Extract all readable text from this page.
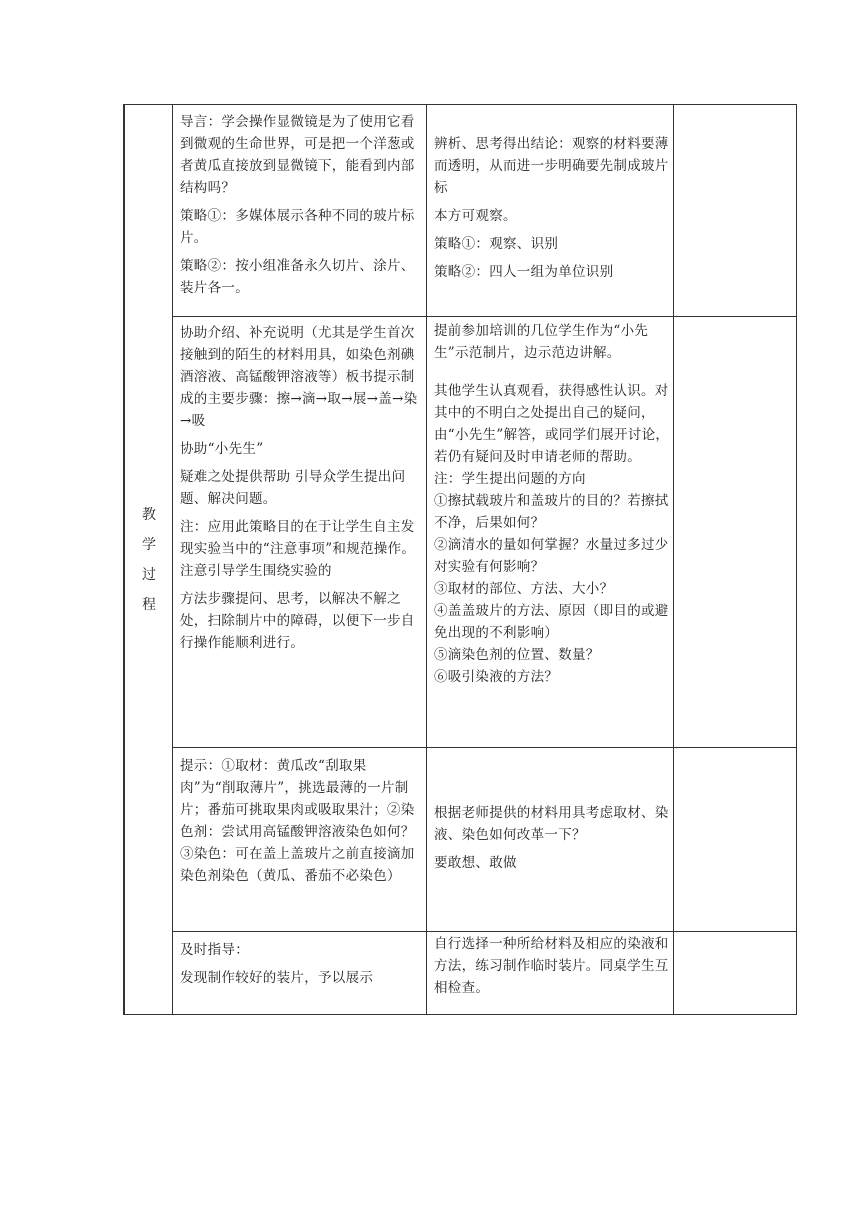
教
学
过
程

导言：学会操作显微镜是为了使用它看到微观的生命世界，可是把一个洋葱或者黄瓜直接放到显微镜下，能看到内部结构吗？

策略①：多媒体展示各种不同的玻片标片。

策略②：按小组准备永久切片、涂片、装片各一。

辨析、思考得出结论：观察的材料要薄而透明，从而进一步明确要先制成玻片标

本方可观察。

策略①：观察、识别

策略②：四人一组为单位识别

协助介绍、补充说明（尤其是学生首次接触到的陌生的材料用具，如染色剂碘酒溶液、高锰酸钾溶液等）板书提示制成的主要步骤：擦→滴→取→展→盖→染→吸

协助“小先生”

疑难之处提供帮助 引导众学生提出问题、解决问题。

注：应用此策略目的在于让学生自主发现实验当中的“注意事项”和规范操作。 注意引导学生围绕实验的

方法步骤提问、思考，以解决不解之处，扫除制片中的障碍，以便下一步自行操作能顺利进行。

提前参加培训的几位学生作为“小先生”示范制片，边示范边讲解。

其他学生认真观看，获得感性认识。对其中的不明白之处提出自己的疑问，由“小先生”解答，或同学们展开讨论，若仍有疑问及时申请老师的帮助。

注：学生提出问题的方向

①擦拭载玻片和盖玻片的目的？若擦拭不净，后果如何？

②滴清水的量如何掌握？水量过多过少对实验有何影响？

③取材的部位、方法、大小？

④盖盖玻片的方法、原因（即目的或避免出现的不利影响）

⑤滴染色剂的位置、数量？

⑥吸引染液的方法？

提示：①取材：黄瓜改“刮取果肉”为“削取薄片”，挑选最薄的一片制片；番茄可挑取果肉或吸取果汁；②染色剂：尝试用高锰酸钾溶液染色如何？③染色：可在盖上盖玻片之前直接滴加染色剂染色（黄瓜、番茄不必染色）

根据老师提供的材料用具考虑取材、染液、染色如何改革一下？

要敢想、敢做

及时指导：

发现制作较好的装片，予以展示

自行选择一种所给材料及相应的染液和方法，练习制作临时装片。同桌学生互相检查。
